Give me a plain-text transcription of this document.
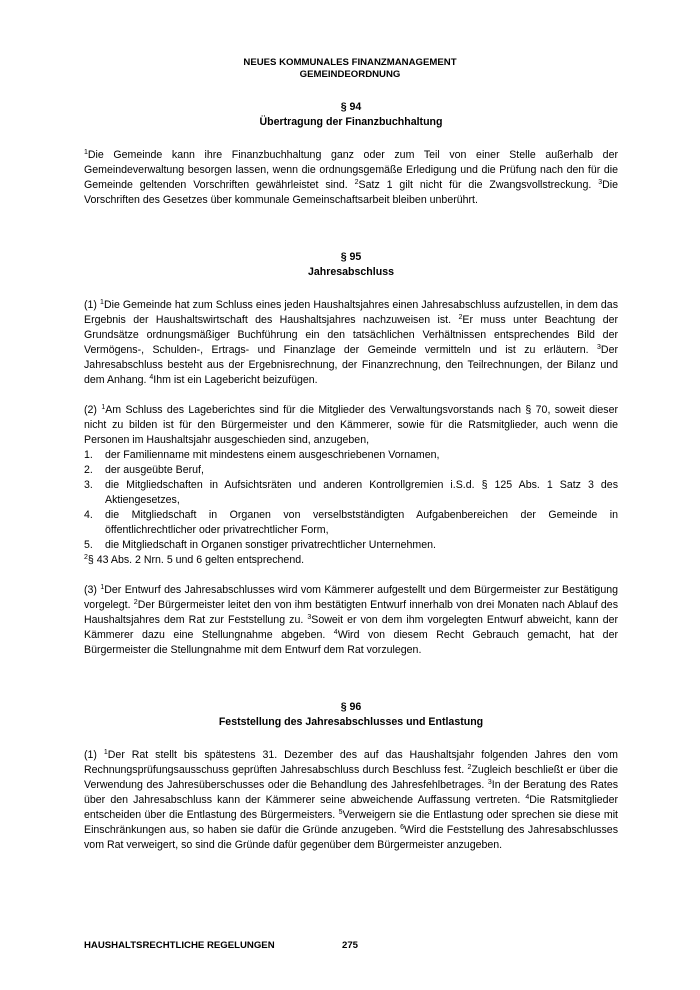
NEUES KOMMUNALES FINANZMANAGEMENT
GEMEINDEORDNUNG
§ 94
Übertragung der Finanzbuchhaltung

$^1$Die Gemeinde kann ihre Finanzbuchhaltung ganz oder zum Teil von einer Stelle außerhalb der Gemeindeverwaltung besorgen lassen, wenn die ordnungsgemäße Erledigung und die Prüfung nach den für die Gemeinde geltenden Vorschriften gewährleistet sind. $^2$Satz 1 gilt nicht für die Zwangsvollstreckung. $^3$Die Vorschriften des Gesetzes über kommunale Gemeinschaftsarbeit bleiben unberührt.

§ 95
Jahresabschluss

(1) $^1$Die Gemeinde hat zum Schluss eines jeden Haushaltsjahres einen Jahresabschluss aufzustellen, in dem das Ergebnis der Haushaltswirtschaft des Haushaltsjahres nachzuweisen ist. $^2$Er muss unter Beachtung der Grundsätze ordnungsmäßiger Buchführung ein den tatsächlichen Verhältnissen entsprechendes Bild der Vermögens-, Schulden-, Ertrags- und Finanzlage der Gemeinde vermitteln und ist zu erläutern. $^3$Der Jahresabschluss besteht aus der Ergebnisrechnung, der Finanzrechnung, den Teilrechnungen, der Bilanz und dem Anhang. $^4$Ihm ist ein Lagebericht beizufügen.

(2) $^1$Am Schluss des Lageberichtes sind für die Mitglieder des Verwaltungsvorstands nach § 70, soweit dieser nicht zu bilden ist für den Bürgermeister und den Kämmerer, sowie für die Ratsmitglieder, auch wenn die Personen im Haushaltsjahr ausgeschieden sind, anzugeben,
1. der Familienname mit mindestens einem ausgeschriebenen Vornamen,
2. der ausgeübte Beruf,
3. die Mitgliedschaften in Aufsichtsräten und anderen Kontrollgremien i.S.d. § 125 Abs. 1 Satz 3 des Aktiengesetzes,
4. die Mitgliedschaft in Organen von verselbstständigten Aufgabenbereichen der Gemeinde in öffentlichrechtlicher oder privatrechtlicher Form,
5. die Mitgliedschaft in Organen sonstiger privatrechtlicher Unternehmen.
$^2$§ 43 Abs. 2 Nrn. 5 und 6 gelten entsprechend.

(3) $^1$Der Entwurf des Jahresabschlusses wird vom Kämmerer aufgestellt und dem Bürgermeister zur Bestätigung vorgelegt. $^2$Der Bürgermeister leitet den von ihm bestätigten Entwurf innerhalb von drei Monaten nach Ablauf des Haushaltsjahres dem Rat zur Feststellung zu. $^3$Soweit er von dem ihm vorgelegten Entwurf abweicht, kann der Kämmerer dazu eine Stellungnahme abgeben. $^4$Wird von diesem Recht Gebrauch gemacht, hat der Bürgermeister die Stellungnahme mit dem Entwurf dem Rat vorzulegen.

§ 96
Feststellung des Jahresabschlusses und Entlastung

(1) $^1$Der Rat stellt bis spätestens 31. Dezember des auf das Haushaltsjahr folgenden Jahres den vom Rechnungsprüfungsausschuss geprüften Jahresabschluss durch Beschluss fest. $^2$Zugleich beschließt er über die Verwendung des Jahresüberschusses oder die Behandlung des Jahresfehlbetrages. $^3$In der Beratung des Rates über den Jahresabschluss kann der Kämmerer seine abweichende Auffassung vertreten. $^4$Die Ratsmitglieder entscheiden über die Entlastung des Bürgermeisters. $^5$Verweigern sie die Entlastung oder sprechen sie diese mit Einschränkungen aus, so haben sie dafür die Gründe anzugeben. $^6$Wird die Feststellung des Jahresabschlusses vom Rat verweigert, so sind die Gründe dafür gegenüber dem Bürgermeister anzugeben.

HAUSHALTSRECHTLICHE REGELUNGEN	275
